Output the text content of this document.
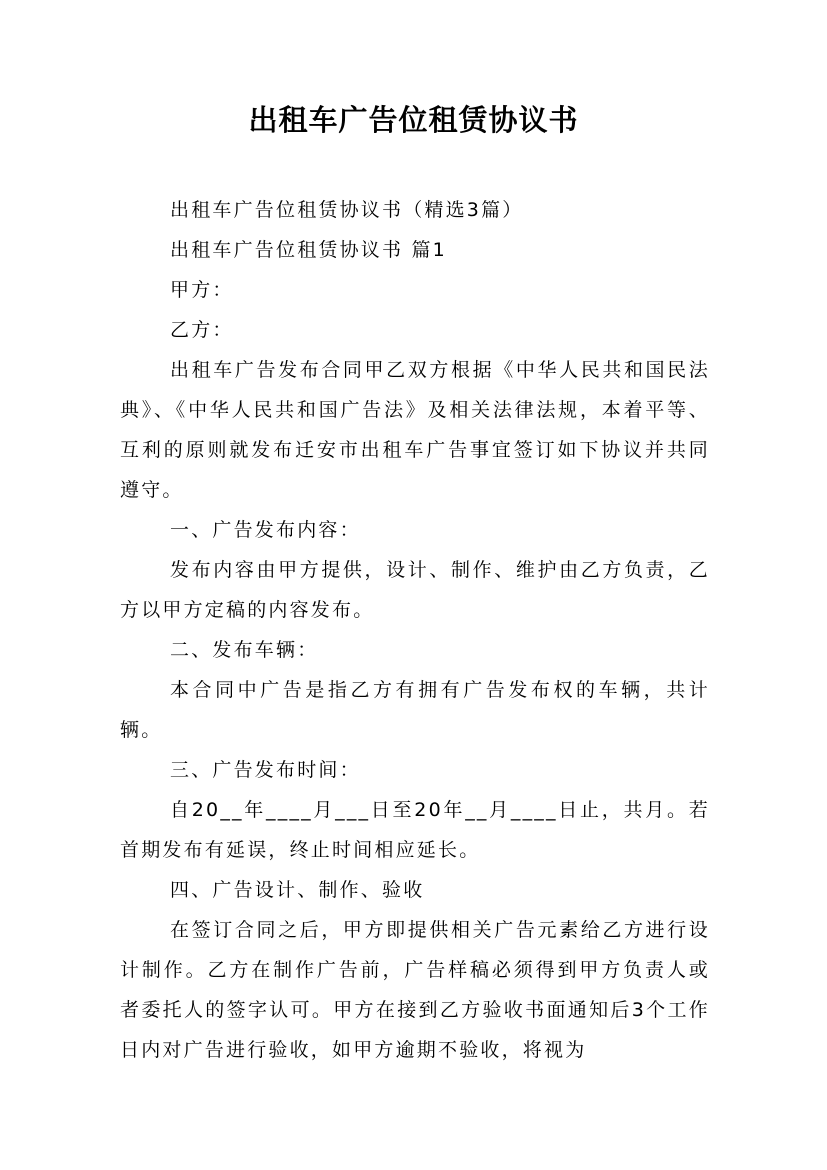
出租车广告位租赁协议书

出租车广告位租赁协议书（精选3篇）

出租车广告位租赁协议书 篇1

甲方：

乙方：

出租车广告发布合同甲乙双方根据《中华人民共和国民法典》、《中华人民共和国广告法》及相关法律法规，本着平等、互利的原则就发布迁安市出租车广告事宜签订如下协议并共同遵守。

一、广告发布内容：

发布内容由甲方提供，设计、制作、维护由乙方负责，乙方以甲方定稿的内容发布。

二、发布车辆：

本合同中广告是指乙方有拥有广告发布权的车辆，共计辆。

三、广告发布时间：

自20__年____月___日至20年__月____日止，共月。若首期发布有延误，终止时间相应延长。

四、广告设计、制作、验收

在签订合同之后，甲方即提供相关广告元素给乙方进行设计制作。乙方在制作广告前，广告样稿必须得到甲方负责人或者委托人的签字认可。甲方在接到乙方验收书面通知后3个工作日内对广告进行验收，如甲方逾期不验收，将视为
